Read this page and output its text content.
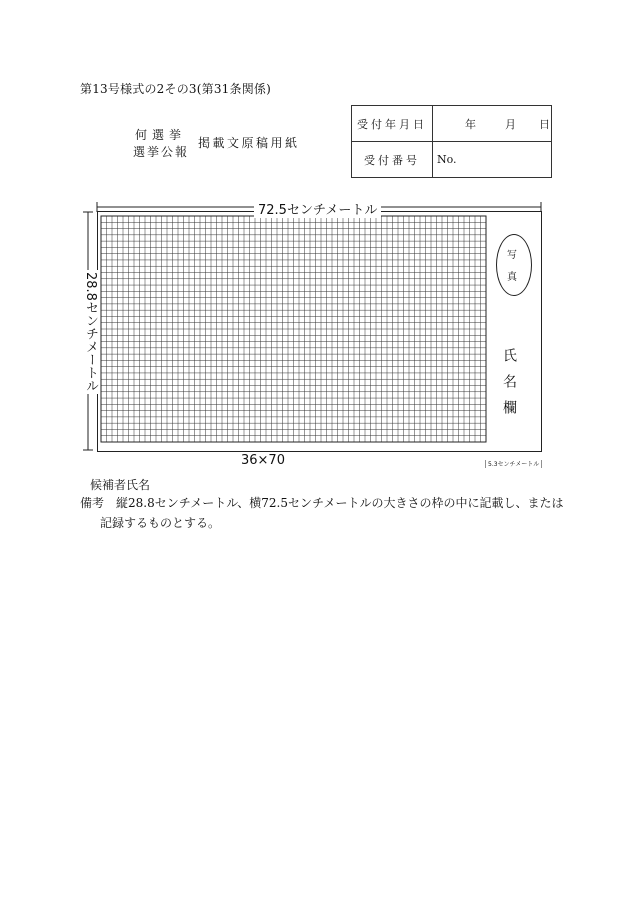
第13号様式の2その3(第31条関係)
何選挙
選挙公報
掲載文原稿用紙
受付年月日	年 月 日

受付番号	No.
72.5センチメートル
28.8センチメートル
36×70	5.3センチメートル
写
真
氏名欄
候補者氏名
備考　縦28.8センチメートル、横72.5センチメートルの大きさの枠の中に記載し、または
記録するものとする。
